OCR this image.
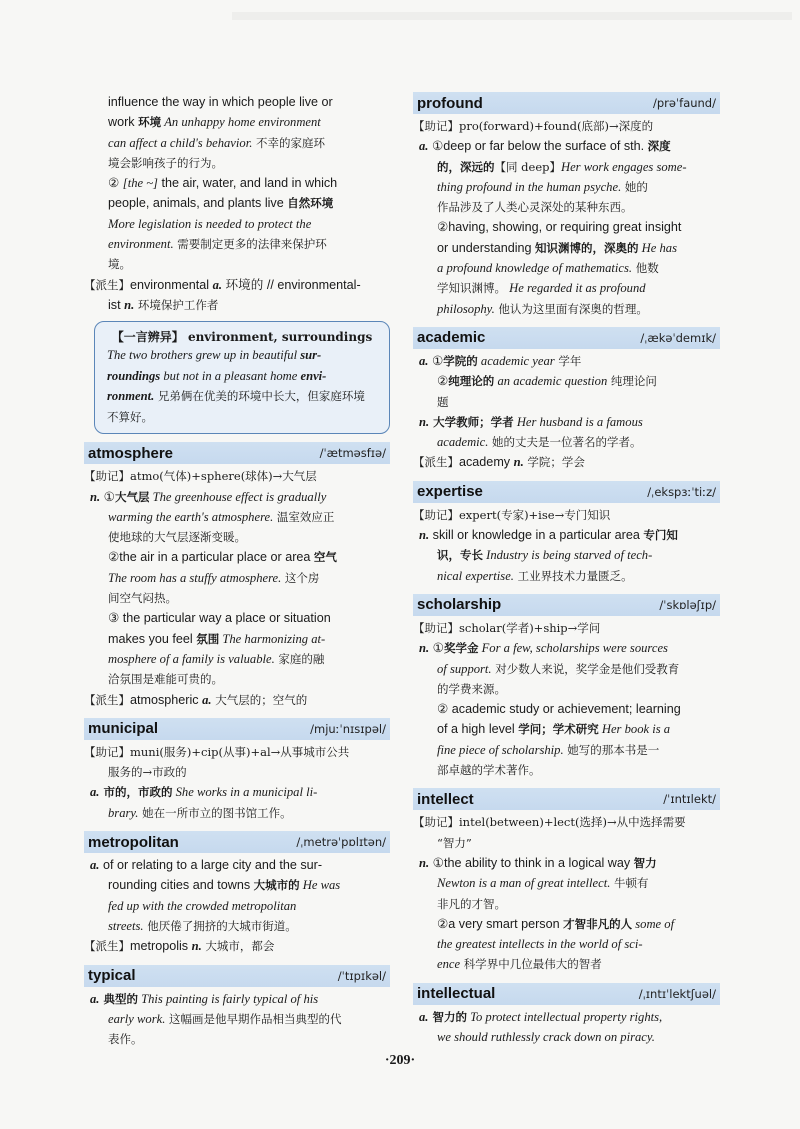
influence the way in which people live or

work 环境 An unhappy home environment

can affect a child's behavior. 不幸的家庭环

境会影响孩子的行为。

② [the ~] the air, water, and land in which

people, animals, and plants live 自然环境

More legislation is needed to protect the

environment. 需要制定更多的法律来保护环

境。

【派生】environmental a. 环境的 // environmental-

ist n. 环境保护工作者

【一言辨异】 environment, surroundings

The two brothers grew up in beautiful sur-

roundings but not in a pleasant home envi-

ronment. 兄弟俩在优美的环境中长大，但家庭环境

不算好。

atmosphere	/ˈætməsfɪə/

【助记】atmo(气体)+sphere(球体)→大气层

n. ①大气层 The greenhouse effect is gradually

warming the earth's atmosphere. 温室效应正

使地球的大气层逐渐变暖。

②the air in a particular place or area 空气

The room has a stuffy atmosphere. 这个房

间空气闷热。

③ the particular way a place or situation

makes you feel 氛围 The harmonizing at-

mosphere of a family is valuable. 家庭的融

洽氛围是难能可贵的。

【派生】atmospheric a. 大气层的；空气的

municipal	/mjuːˈnɪsɪpəl/

【助记】muni(服务)+cip(从事)+al→从事城市公共

服务的→市政的

a. 市的，市政的 She works in a municipal li-

brary. 她在一所市立的图书馆工作。

metropolitan	/ˌmetrəˈpɒlɪtən/

a. of or relating to a large city and the sur-

rounding cities and towns 大城市的 He was

fed up with the crowded metropolitan

streets. 他厌倦了拥挤的大城市街道。

【派生】metropolis n. 大城市，都会

typical	/ˈtɪpɪkəl/

a. 典型的 This painting is fairly typical of his

early work. 这幅画是他早期作品相当典型的代

表作。

profound	/prəˈfaund/

【助记】pro(forward)+found(底部)→深度的

a. ①deep or far below the surface of sth. 深度

的，深远的【同 deep】Her work engages some-

thing profound in the human psyche. 她的

作品涉及了人类心灵深处的某种东西。

②having, showing, or requiring great insight

or understanding 知识渊博的，深奥的 He has

a profound knowledge of mathematics. 他数

学知识渊博。 He regarded it as profound

philosophy. 他认为这里面有深奥的哲理。

academic	/ˌækəˈdemɪk/

a. ①学院的 academic year 学年

②纯理论的 an academic question 纯理论问

题

n. 大学教师；学者 Her husband is a famous

academic. 她的丈夫是一位著名的学者。

【派生】academy n. 学院；学会

expertise	/ˌekspɜːˈtiːz/

【助记】expert(专家)+ise→专门知识

n. skill or knowledge in a particular area 专门知

识，专长 Industry is being starved of tech-

nical expertise. 工业界技术力量匮乏。

scholarship	/ˈskɒləʃɪp/

【助记】scholar(学者)+ship→学问

n. ①奖学金 For a few, scholarships were sources

of support. 对少数人来说，奖学金是他们受教育

的学费来源。

② academic study or achievement; learning

of a high level 学问；学术研究 Her book is a

fine piece of scholarship. 她写的那本书是一

部卓越的学术著作。

intellect	/ˈɪntɪlekt/

【助记】intel(between)+lect(选择)→从中选择需要

“智力”

n. ①the ability to think in a logical way 智力

Newton is a man of great intellect. 牛顿有

非凡的才智。

②a very smart person 才智非凡的人 some of

the greatest intellects in the world of sci-

ence 科学界中几位最伟大的智者

intellectual	/ˌɪntɪˈlektʃuəl/

a. 智力的 To protect intellectual property rights,

we should ruthlessly crack down on piracy.

·209·
